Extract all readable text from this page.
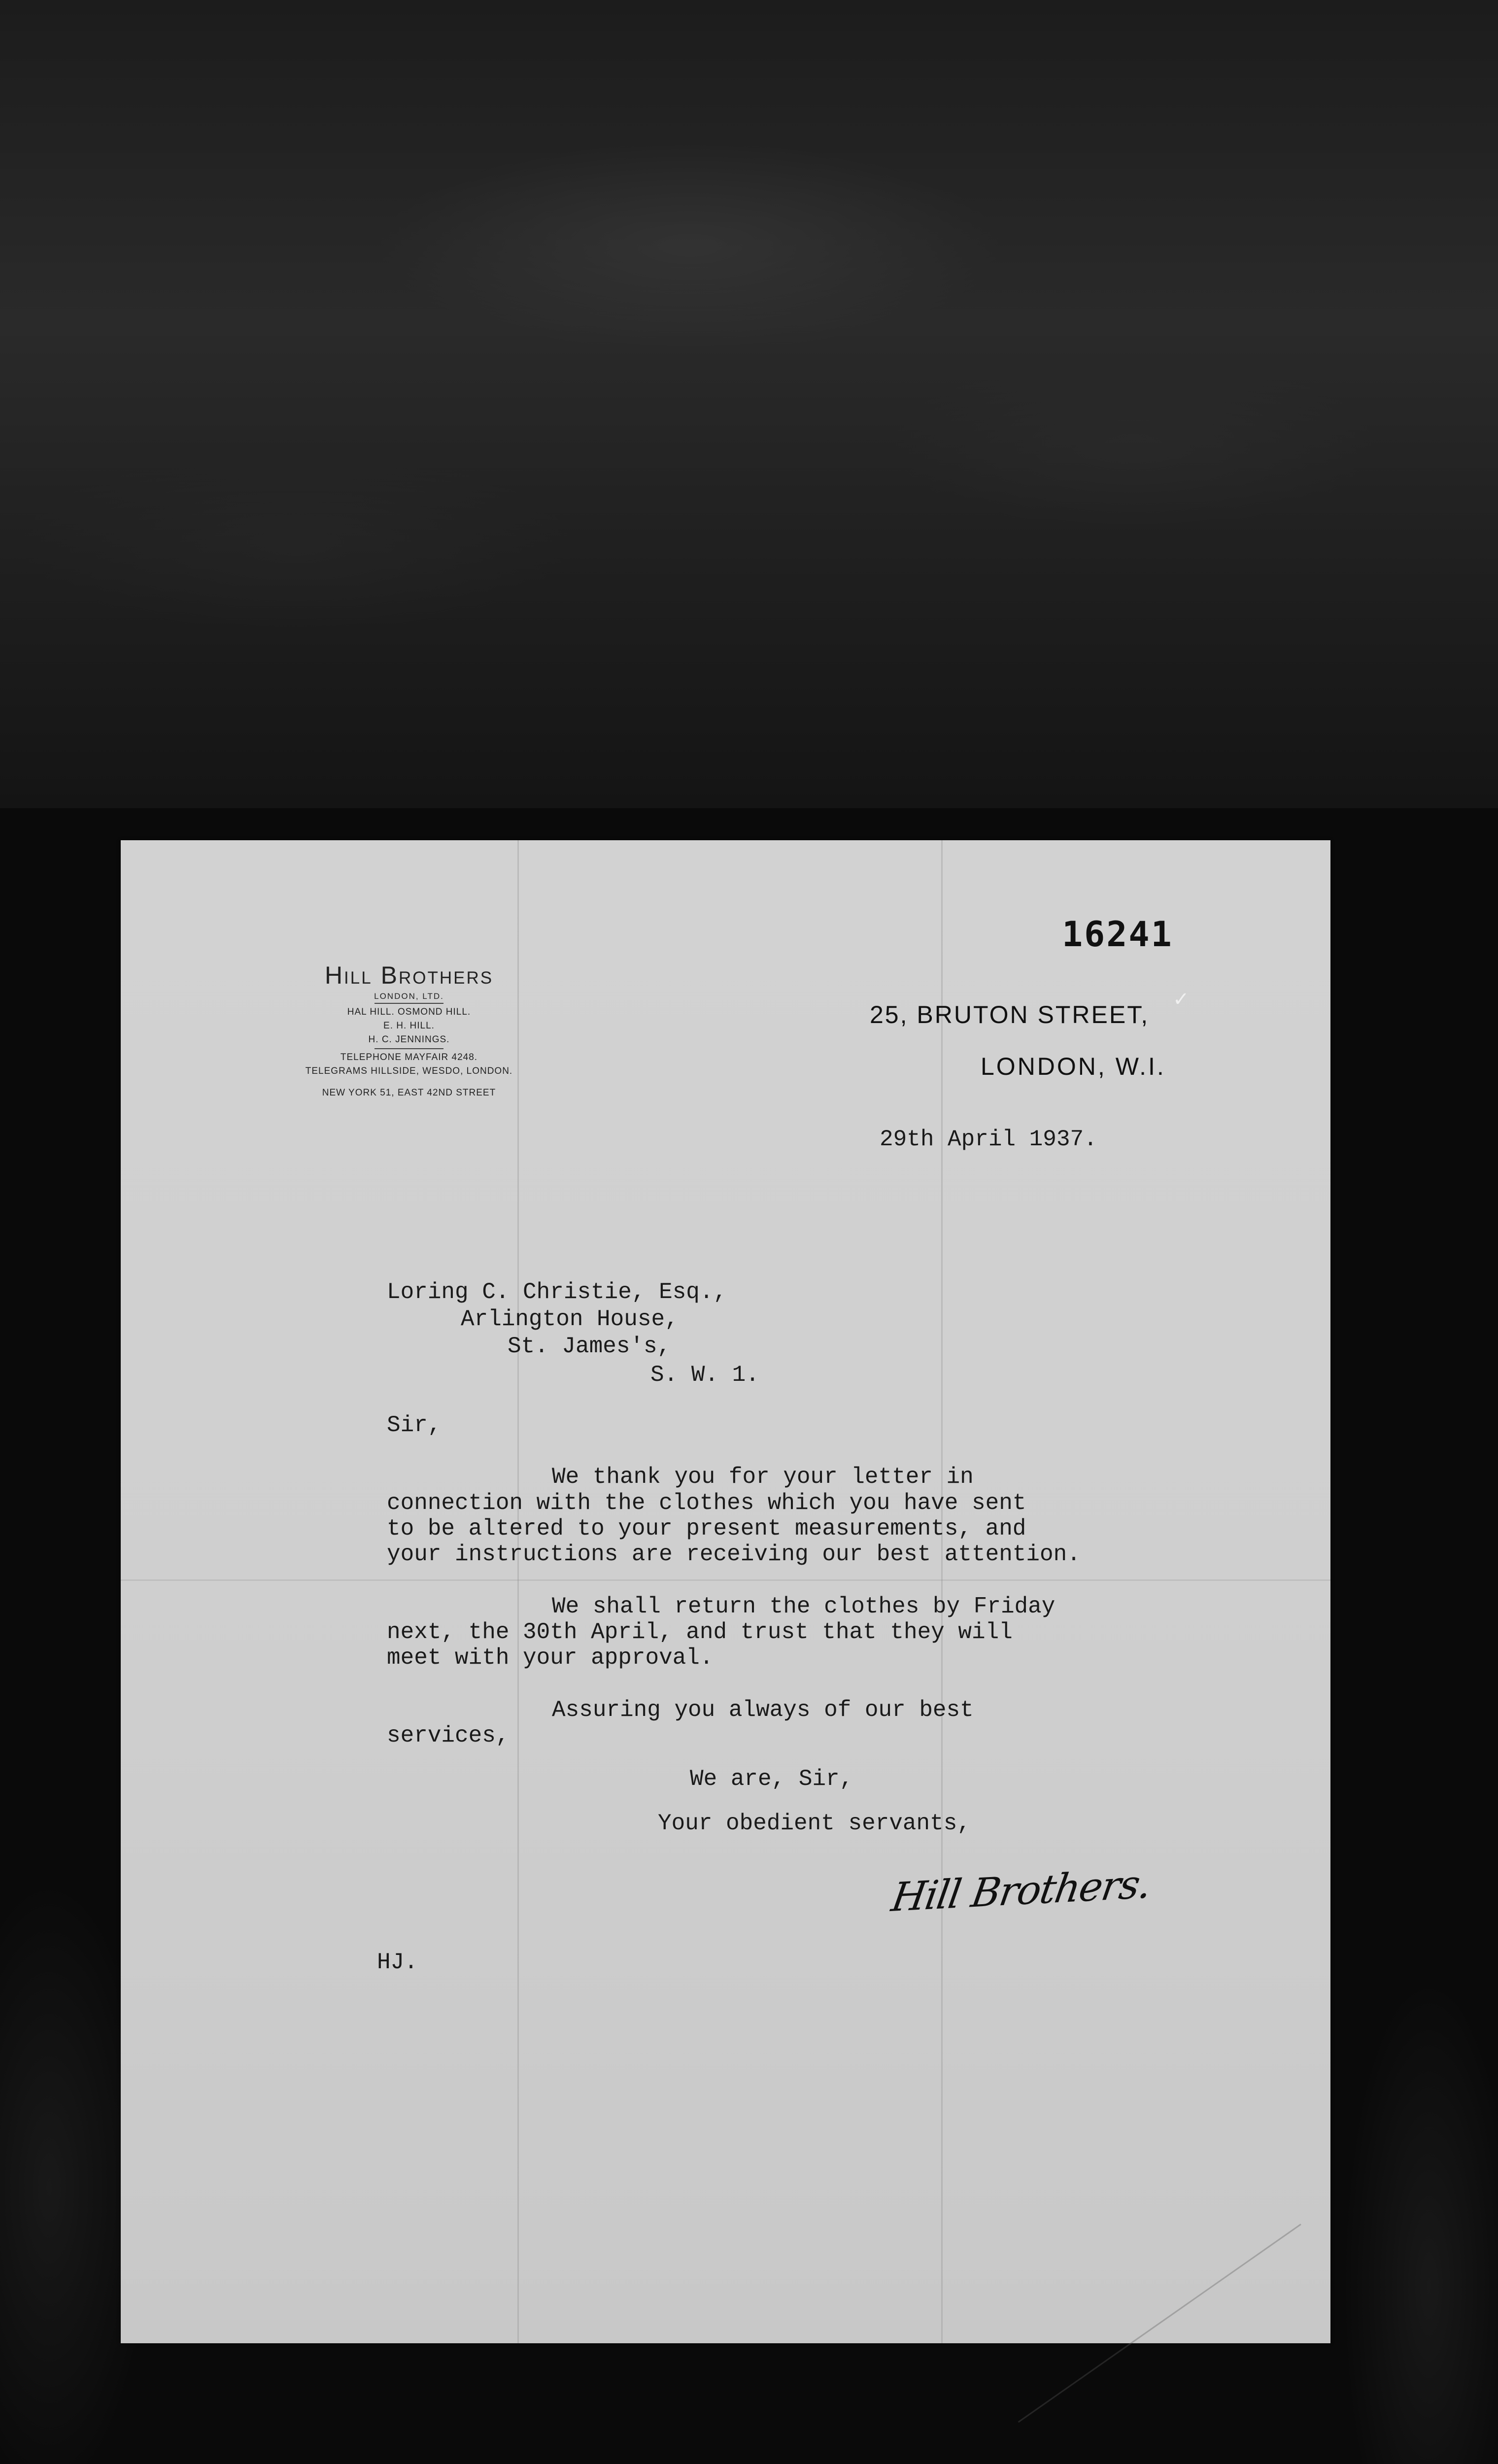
Hill Brothers
LONDON, LTD.
HAL HILL. OSMOND HILL.
E. H. HILL.
H. C. JENNINGS.
TELEPHONE MAYFAIR 4248.
TELEGRAMS HILLSIDE, WESDO, LONDON.
NEW YORK 51, EAST 42ND STREET
16241
25, BRUTON STREET,
✓
LONDON, W.I.
29th April 1937.
Loring C. Christie, Esq.,
Arlington House,
St. James's,
S. W. 1.
Sir,
We thank you for your letter in
connection with the clothes which you have sent
to be altered to your present measurements, and
your instructions are receiving our best attention.
We shall return the clothes by Friday
next, the 30th April, and trust that they will
meet with your approval.
Assuring you always of our best
services,
We are, Sir,
Your obedient servants,
Hill Brothers.
HJ.
